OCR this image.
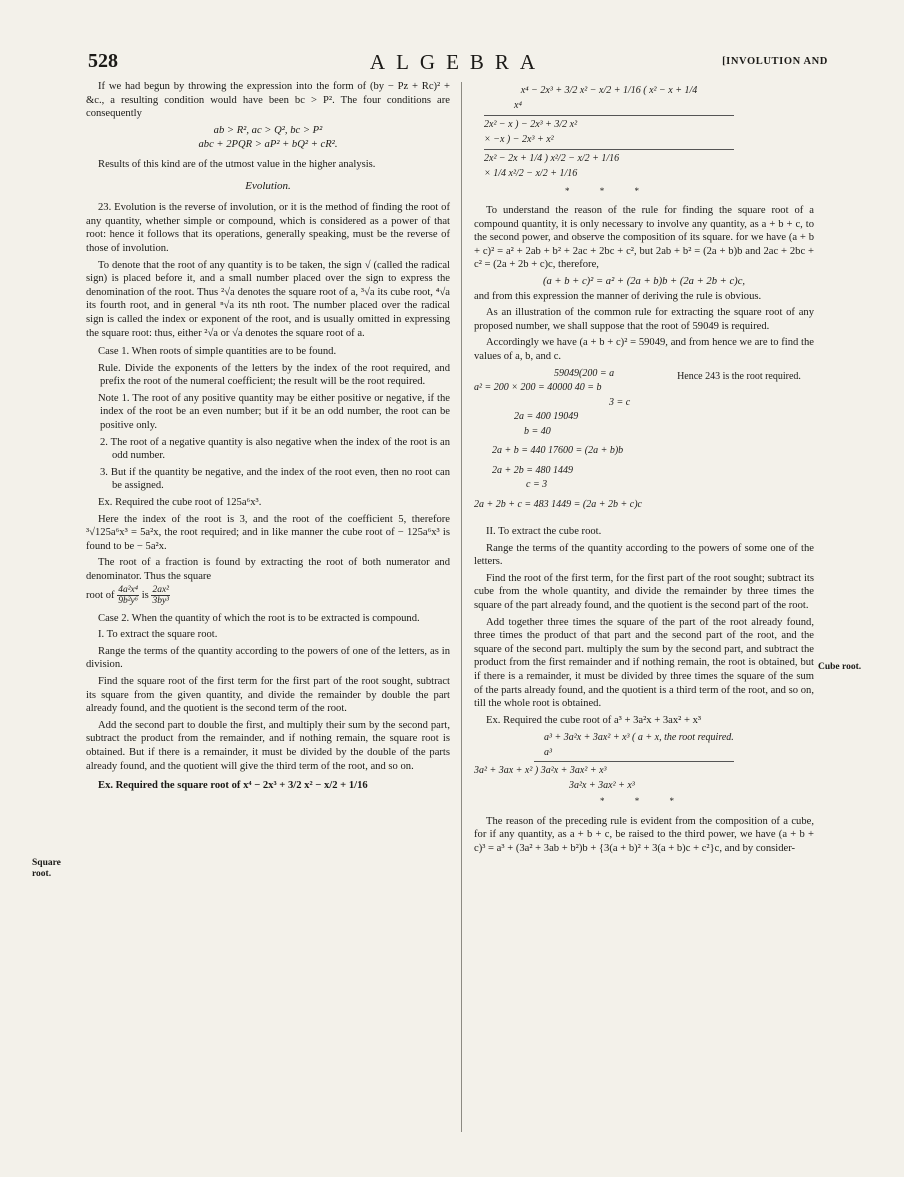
528	ALGEBRA	[INVOLUTION AND
Square root.
Cube root.

If we had begun by throwing the expression into the form of (by − Pz + Rc)² + &c., a resulting condition would have been bc > P². The four conditions are consequently

ab > R², ac > Q², bc > P²
abc + 2PQR > aP² + bQ² + cR².

Results of this kind are of the utmost value in the higher analysis.

Evolution.

23. Evolution is the reverse of involution, or it is the method of finding the root of any quantity, whether simple or compound, which is considered as a power of that root: hence it follows that its operations, generally speaking, must be the reverse of those of involution.

To denote that the root of any quantity is to be taken, the sign √ (called the radical sign) is placed before it, and a small number placed over the sign to express the denomination of the root. Thus ²√a denotes the square root of a, ³√a its cube root, ⁴√a its fourth root, and in general ⁿ√a its nth root. The number placed over the radical sign is called the index or exponent of the root, and is usually omitted in expressing the square root: thus, either ²√a or √a denotes the square root of a.

Case 1. When roots of simple quantities are to be found.

Rule. Divide the exponents of the letters by the index of the root required, and prefix the root of the numeral coefficient; the result will be the root required.

Note 1. The root of any positive quantity may be either positive or negative, if the index of the root be an even number; but if it be an odd number, the root can be positive only.

2. The root of a negative quantity is also negative when the index of the root is an odd number.

3. But if the quantity be negative, and the index of the root even, then no root can be assigned.

Ex. Required the cube root of 125a⁶x³.

Here the index of the root is 3, and the root of the coefficient 5, therefore ³√125a⁶x³ = 5a²x, the root required; and in like manner the cube root of − 125a⁶x³ is found to be − 5a²x.

The root of a fraction is found by extracting the root of both numerator and denominator. Thus the square

root of $\frac{\text{4a²x⁴}}{\text{9b²y⁶}}$ is $\frac{\text{2ax²}}{\text{3by³}}$

Case 2. When the quantity of which the root is to be extracted is compound.

I. To extract the square root.

Range the terms of the quantity according to the powers of one of the letters, as in division.

Find the square root of the first term for the first part of the root sought, subtract its square from the given quantity, and divide the remainder by double the part already found, and the quotient is the second term of the root.

Add the second part to double the first, and multiply their sum by the second part, subtract the product from the remainder, and if nothing remain, the square root is obtained. But if there is a remainder, it must be divided by the double of the parts already found, and the quotient will give the third term of the root, and so on.

Ex. Required the square root of x⁴ − 2x³ + 3/2 x² − x/2 + 1/16

x⁴ − 2x³ + 3/2 x² − x/2 + 1/16 ( x² − x + 1/4
x⁴
2x² − x ) − 2x³ + 3/2 x²
× −x ) − 2x³ + x²
2x² − 2x + 1/4 ) x²/2 − x/2 + 1/16
× 1/4 x²/2 − x/2 + 1/16
* * *

To understand the reason of the rule for finding the square root of a compound quantity, it is only necessary to involve any quantity, as a + b + c, to the second power, and observe the composition of its square. for we have (a + b + c)² = a² + 2ab + b² + 2ac + 2bc + c², but 2ab + b² = (2a + b)b and 2ac + 2bc + c² = (2a + 2b + c)c, therefore,

(a + b + c)² = a² + (2a + b)b + (2a + 2b + c)c,

and from this expression the manner of deriving the rule is obvious.

As an illustration of the common rule for extracting the square root of any proposed number, we shall suppose that the root of 59049 is required.

Accordingly we have (a + b + c)² = 59049, and from hence we are to find the values of a, b, and c.

59049(200 = a
a² = 200 × 200 = 40000 40 = b
3 = c
Hence 243 is the root required.
2a = 400 19049
b = 40
2a + b = 440 17600 = (2a + b)b
2a + 2b = 480 1449
c = 3
2a + 2b + c = 483 1449 = (2a + 2b + c)c

II. To extract the cube root.

Range the terms of the quantity according to the powers of some one of the letters.

Find the root of the first term, for the first part of the root sought; subtract its cube from the whole quantity, and divide the remainder by three times the square of the part already found, and the quotient is the second part of the root.

Add together three times the square of the part of the root already found, three times the product of that part and the second part of the root, and the square of the second part. multiply the sum by the second part, and subtract the product from the first remainder and if nothing remain, the root is obtained, but if there is a remainder, it must be divided by three times the square of the sum of the parts already found, and the quotient is a third term of the root, and so on, till the whole root is obtained.

Ex. Required the cube root of a³ + 3a²x + 3ax² + x³

a³ + 3a²x + 3ax² + x³ ( a + x, the root required.
a³
3a² + 3ax + x² ) 3a²x + 3ax² + x³
3a²x + 3ax² + x³
* * *

The reason of the preceding rule is evident from the composition of a cube, for if any quantity, as a + b + c, be raised to the third power, we have (a + b + c)³ = a³ + (3a² + 3ab + b²)b + {3(a + b)² + 3(a + b)c + c²}c, and by consider-
